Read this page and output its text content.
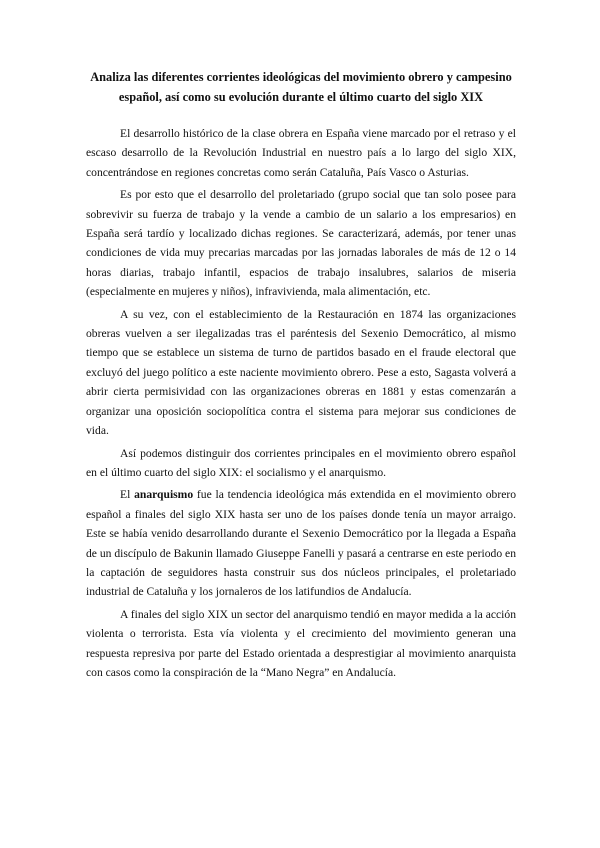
Analiza las diferentes corrientes ideológicas del movimiento obrero y campesino español, así como su evolución durante el último cuarto del siglo XIX

El desarrollo histórico de la clase obrera en España viene marcado por el retraso y el escaso desarrollo de la Revolución Industrial en nuestro país a lo largo del siglo XIX, concentrándose en regiones concretas como serán Cataluña, País Vasco o Asturias.

Es por esto que el desarrollo del proletariado (grupo social que tan solo posee para sobrevivir su fuerza de trabajo y la vende a cambio de un salario a los empresarios) en España será tardío y localizado dichas regiones. Se caracterizará, además, por tener unas condiciones de vida muy precarias marcadas por las jornadas laborales de más de 12 o 14 horas diarias, trabajo infantil, espacios de trabajo insalubres, salarios de miseria (especialmente en mujeres y niños), infravivienda, mala alimentación, etc.

A su vez, con el establecimiento de la Restauración en 1874 las organizaciones obreras vuelven a ser ilegalizadas tras el paréntesis del Sexenio Democrático, al mismo tiempo que se establece un sistema de turno de partidos basado en el fraude electoral que excluyó del juego político a este naciente movimiento obrero. Pese a esto, Sagasta volverá a abrir cierta permisividad con las organizaciones obreras en 1881 y estas comenzarán a organizar una oposición sociopolítica contra el sistema para mejorar sus condiciones de vida.

Así podemos distinguir dos corrientes principales en el movimiento obrero español en el último cuarto del siglo XIX: el socialismo y el anarquismo.

El anarquismo fue la tendencia ideológica más extendida en el movimiento obrero español a finales del siglo XIX hasta ser uno de los países donde tenía un mayor arraigo. Este se había venido desarrollando durante el Sexenio Democrático por la llegada a España de un discípulo de Bakunin llamado Giuseppe Fanelli y pasará a centrarse en este periodo en la captación de seguidores hasta construir sus dos núcleos principales, el proletariado industrial de Cataluña y los jornaleros de los latifundios de Andalucía.

A finales del siglo XIX un sector del anarquismo tendió en mayor medida a la acción violenta o terrorista. Esta vía violenta y el crecimiento del movimiento generan una respuesta represiva por parte del Estado orientada a desprestigiar al movimiento anarquista con casos como la conspiración de la “Mano Negra” en Andalucía.
